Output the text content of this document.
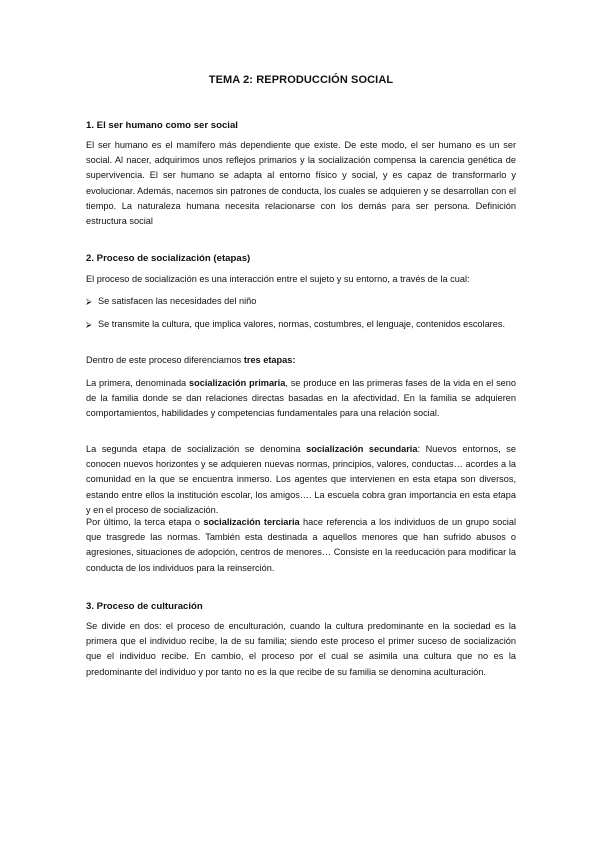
TEMA 2: REPRODUCCIÓN SOCIAL
1. El ser humano como ser social

El ser humano es el mamífero más dependiente que existe. De este modo, el ser humano es un ser social. Al nacer, adquirimos unos reflejos primarios y la socialización compensa la carencia genética de supervivencia. El ser humano se adapta al entorno físico y social, y es capaz de transformarlo y evolucionar. Además, nacemos sin patrones de conducta, los cuales se adquieren y se desarrollan con el tiempo. La naturaleza humana necesita relacionarse con los demás para ser persona. Definición estructura social

2. Proceso de socialización (etapas)

El proceso de socialización es una interacción entre el sujeto y su entorno, a través de la cual:

⮚ Se satisfacen las necesidades del niño

⮚ Se transmite la cultura, que implica valores, normas, costumbres, el lenguaje, contenidos escolares.

Dentro de este proceso diferenciamos tres etapas:

La primera, denominada socialización primaria, se produce en las primeras fases de la vida en el seno de la familia donde se dan relaciones directas basadas en la afectividad. En la familia se adquieren comportamientos, habilidades y competencias fundamentales para una relación social.

La segunda etapa de socialización se denomina socialización secundaria: Nuevos entornos, se conocen nuevos horizontes y se adquieren nuevas normas, principios, valores, conductas… acordes a la comunidad en la que se encuentra inmerso. Los agentes que intervienen en esta etapa son diversos, estando entre ellos la institución escolar, los amigos…. La escuela cobra gran importancia en esta etapa y en el proceso de socialización.

Por último, la terca etapa o socialización terciaria hace referencia a los individuos de un grupo social que trasgrede las normas. También esta destinada a aquellos menores que han sufrido abusos o agresiones, situaciones de adopción, centros de menores… Consiste en la reeducación para modificar la conducta de los individuos para la reinserción.

3. Proceso de culturación

Se divide en dos: el proceso de enculturación, cuando la cultura predominante en la sociedad es la primera que el individuo recibe, la de su familia; siendo este proceso el primer suceso de socialización que el individuo recibe. En cambio, el proceso por el cual se asimila una cultura que no es la predominante del individuo y por tanto no es la que recibe de su familia se denomina aculturación.
